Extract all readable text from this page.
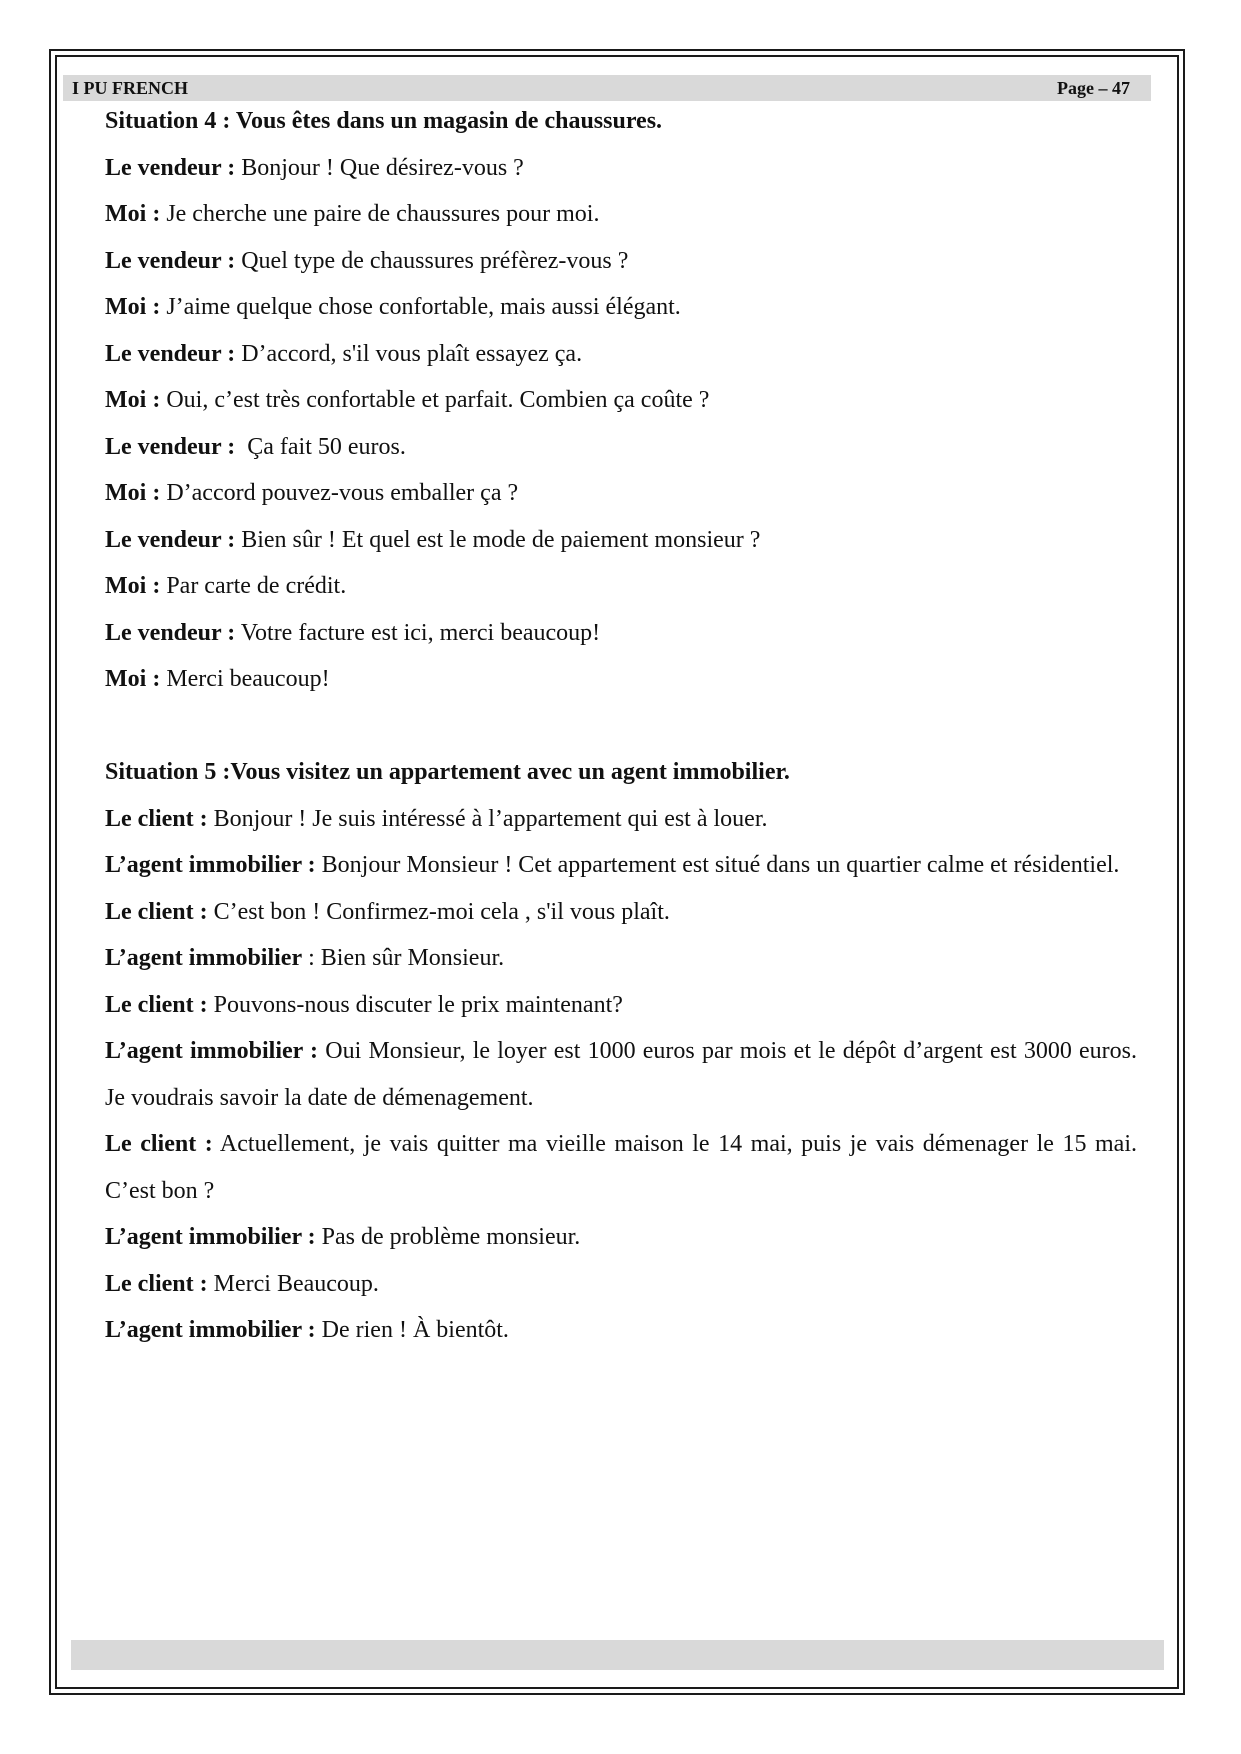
I PU FRENCH	Page – 47

Situation 4 : Vous êtes dans un magasin de chaussures.

Le vendeur : Bonjour ! Que désirez-vous ?

Moi : Je cherche une paire de chaussures pour moi.

Le vendeur : Quel type de chaussures préfèrez-vous ?

Moi : J’aime quelque chose confortable, mais aussi élégant.

Le vendeur : D’accord, s'il vous plaît essayez ça.

Moi : Oui, c’est très confortable et parfait. Combien ça coûte ?

Le vendeur :  Ça fait 50 euros.

Moi : D’accord pouvez-vous emballer ça ?

Le vendeur : Bien sûr ! Et quel est le mode de paiement monsieur ?

Moi : Par carte de crédit.

Le vendeur : Votre facture est ici, merci beaucoup!

Moi : Merci beaucoup!

Situation 5 :Vous visitez un appartement avec un agent immobilier.

Le client : Bonjour ! Je suis intéressé à l’appartement qui est à louer.

L’agent immobilier : Bonjour Monsieur ! Cet appartement est situé dans un quartier calme et résidentiel.

Le client : C’est bon ! Confirmez-moi cela , s'il vous plaît.

L’agent immobilier : Bien sûr Monsieur.

Le client : Pouvons-nous discuter le prix maintenant?

L’agent immobilier : Oui Monsieur, le loyer est 1000 euros par mois et le dépôt d’argent est 3000 euros. Je voudrais savoir la date de démenagement.

Le client : Actuellement, je vais quitter ma vieille maison le 14 mai, puis je vais démenager le 15 mai. C’est bon ?

L’agent immobilier : Pas de problème monsieur.

Le client : Merci Beaucoup.

L’agent immobilier : De rien ! À bientôt.
